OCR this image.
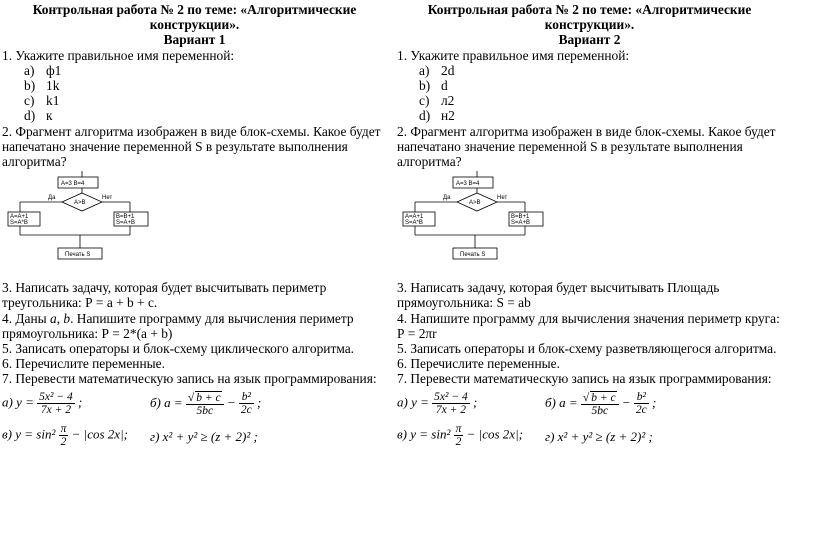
Контрольная работа № 2 по теме: «Алгоритмические
конструкции».
Вариант 1

1. Укажите правильное имя переменной:

a) ф1
b) 1k
c) k1
d) к

2. Фрагмент алгоритма изображен в виде блок-схемы. Какое будет напечатано значение переменной S в результате выполнения алгоритма?

A=3 B=4
A>B
Да	Нет
A=A+1
S=A*B
B=B+1
S=A+B
Печать S

3. Написать задачу, которая будет высчитывать периметр треугольника: Р = a + b + c.

4. Даны a, b. Напишите программу для вычисления периметр прямоугольника: Р = 2*(a + b)

5. Записать операторы и блок-схему циклического алгоритма.

6. Перечислите переменные.

7. Перевести математическую запись на язык программирования:

а) $y = \frac{\text{5x² − 4}}{7x + 2}$ ;	б) $a = \frac{√ b + c}{5bc} - \frac{\text{b²}}{2c}$ ;
в) $y = \sin^2 \frac{\pi}{2} - |\cos$ 2x|; г) x² + y² ≥ (z + 2)² ;
Контрольная работа № 2 по теме: «Алгоритмические
конструкции».
Вариант 2

1. Укажите правильное имя переменной:

a) 2d
b) d
c) л2
d) н2

2. Фрагмент алгоритма изображен в виде блок-схемы. Какое будет напечатано значение переменной S в результате выполнения алгоритма?

A=3 B=4
A>B
Да	Нет
A=A+1
S=A*B
B=B+1
S=A+B
Печать S

3. Написать задачу, которая будет высчитывать Площадь прямоугольника: S = ab

4. Напишите программу для вычисления значения периметр круга: Р = 2πr

5. Записать операторы и блок-схему разветвляющегося алгоритма.

6. Перечислите переменные.

7. Перевести математическую запись на язык программирования:

а) $y = \frac{\text{5x² − 4}}{7x + 2}$ ;	б) $a = \frac{√ b + c}{5bc} - \frac{\text{b²}}{2c}$ ;
в) $y = \sin^2 \frac{\pi}{2} - |\cos$ 2x|; г) x² + y² ≥ (z + 2)² ;
